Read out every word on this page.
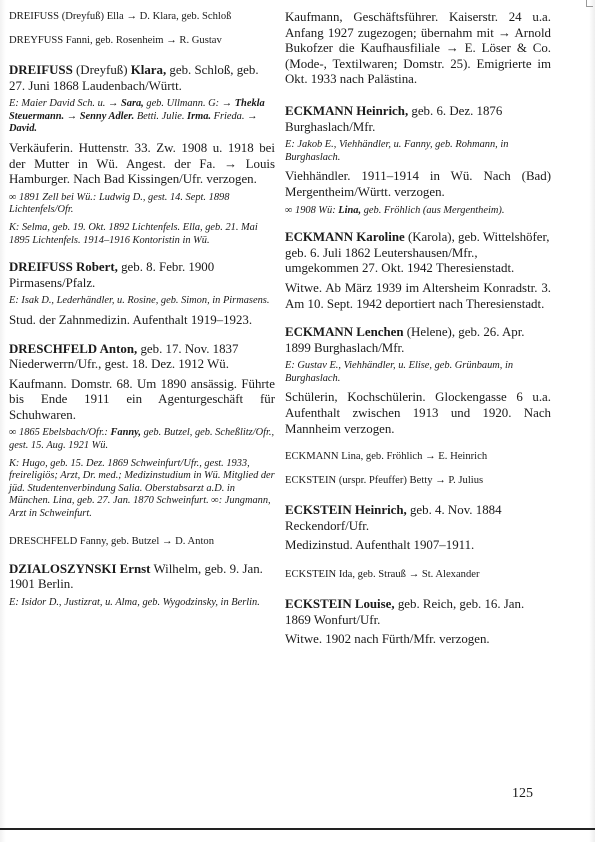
DREIFUSS (Dreyfuß) Ella → D. Klara, geb. Schloß

DREYFUSS Fanni, geb. Rosenheim → R. Gustav

DREIFUSS (Dreyfuß) Klara, geb. Schloß, geb. 27. Juni 1868 Laudenbach/Württ.

E: Maier David Sch. u. → Sara, geb. Ullmann. G: → Thekla Steuermann. → Senny Adler. Betti. Julie. Irma. Frieda. → David.

Verkäuferin. Huttenstr. 33. Zw. 1908 u. 1918 bei der Mutter in Wü. Angest. der Fa. → Louis Hamburger. Nach Bad Kissingen/Ufr. verzogen.

∞ 1891 Zell bei Wü.: Ludwig D., gest. 14. Sept. 1898 Lichtenfels/Ofr.

K: Selma, geb. 19. Okt. 1892 Lichtenfels. Ella, geb. 21. Mai 1895 Lichtenfels. 1914–1916 Kontoristin in Wü.

DREIFUSS Robert, geb. 8. Febr. 1900 Pirmasens/Pfalz.

E: Isak D., Lederhändler, u. Rosine, geb. Simon, in Pirmasens.

Stud. der Zahnmedizin. Aufenthalt 1919–1923.

DRESCHFELD Anton, geb. 17. Nov. 1837 Niederwerrn/Ufr., gest. 18. Dez. 1912 Wü.

Kaufmann. Domstr. 68. Um 1890 ansässig. Führte bis Ende 1911 ein Agenturgeschäft für Schuhwaren.

∞ 1865 Ebelsbach/Ofr.: Fanny, geb. Butzel, geb. Scheßlitz/Ofr., gest. 15. Aug. 1921 Wü.

K: Hugo, geb. 15. Dez. 1869 Schweinfurt/Ufr., gest. 1933, freireligiös; Arzt, Dr. med.; Medizinstudium in Wü. Mitglied der jüd. Studentenverbindung Salia. Oberstabsarzt a.D. in München. Lina, geb. 27. Jan. 1870 Schweinfurt. ∞: Jungmann, Arzt in Schweinfurt.

DRESCHFELD Fanny, geb. Butzel → D. Anton

DZIALOSZYNSKI Ernst Wilhelm, geb. 9. Jan. 1901 Berlin.

E: Isidor D., Justizrat, u. Alma, geb. Wygodzinsky, in Berlin.

Kaufmann, Geschäftsführer. Kaiserstr. 24 u.a. Anfang 1927 zugezogen; übernahm mit → Arnold Bukofzer die Kaufhausfiliale → E. Löser & Co. (Mode-, Textilwaren; Domstr. 25). Emigrierte im Okt. 1933 nach Palästina.

ECKMANN Heinrich, geb. 6. Dez. 1876 Burghaslach/Mfr.

E: Jakob E., Viehhändler, u. Fanny, geb. Rohmann, in Burghaslach.

Viehhändler. 1911–1914 in Wü. Nach (Bad) Mergentheim/Württ. verzogen.

∞ 1908 Wü: Lina, geb. Fröhlich (aus Mergentheim).

ECKMANN Karoline (Karola), geb. Wittelshöfer, geb. 6. Juli 1862 Leutershausen/Mfr., umgekommen 27. Okt. 1942 Theresienstadt.

Witwe. Ab März 1939 im Altersheim Konradstr. 3. Am 10. Sept. 1942 deportiert nach Theresienstadt.

ECKMANN Lenchen (Helene), geb. 26. Apr. 1899 Burghaslach/Mfr.

E: Gustav E., Viehhändler, u. Elise, geb. Grünbaum, in Burghaslach.

Schülerin, Kochschülerin. Glockengasse 6 u.a. Aufenthalt zwischen 1913 und 1920. Nach Mannheim verzogen.

ECKMANN Lina, geb. Fröhlich → E. Heinrich

ECKSTEIN (urspr. Pfeuffer) Betty → P. Julius

ECKSTEIN Heinrich, geb. 4. Nov. 1884 Reckendorf/Ufr.

Medizinstud. Aufenthalt 1907–1911.

ECKSTEIN Ida, geb. Strauß → St. Alexander

ECKSTEIN Louise, geb. Reich, geb. 16. Jan. 1869 Wonfurt/Ufr.

Witwe. 1902 nach Fürth/Mfr. verzogen.

125
